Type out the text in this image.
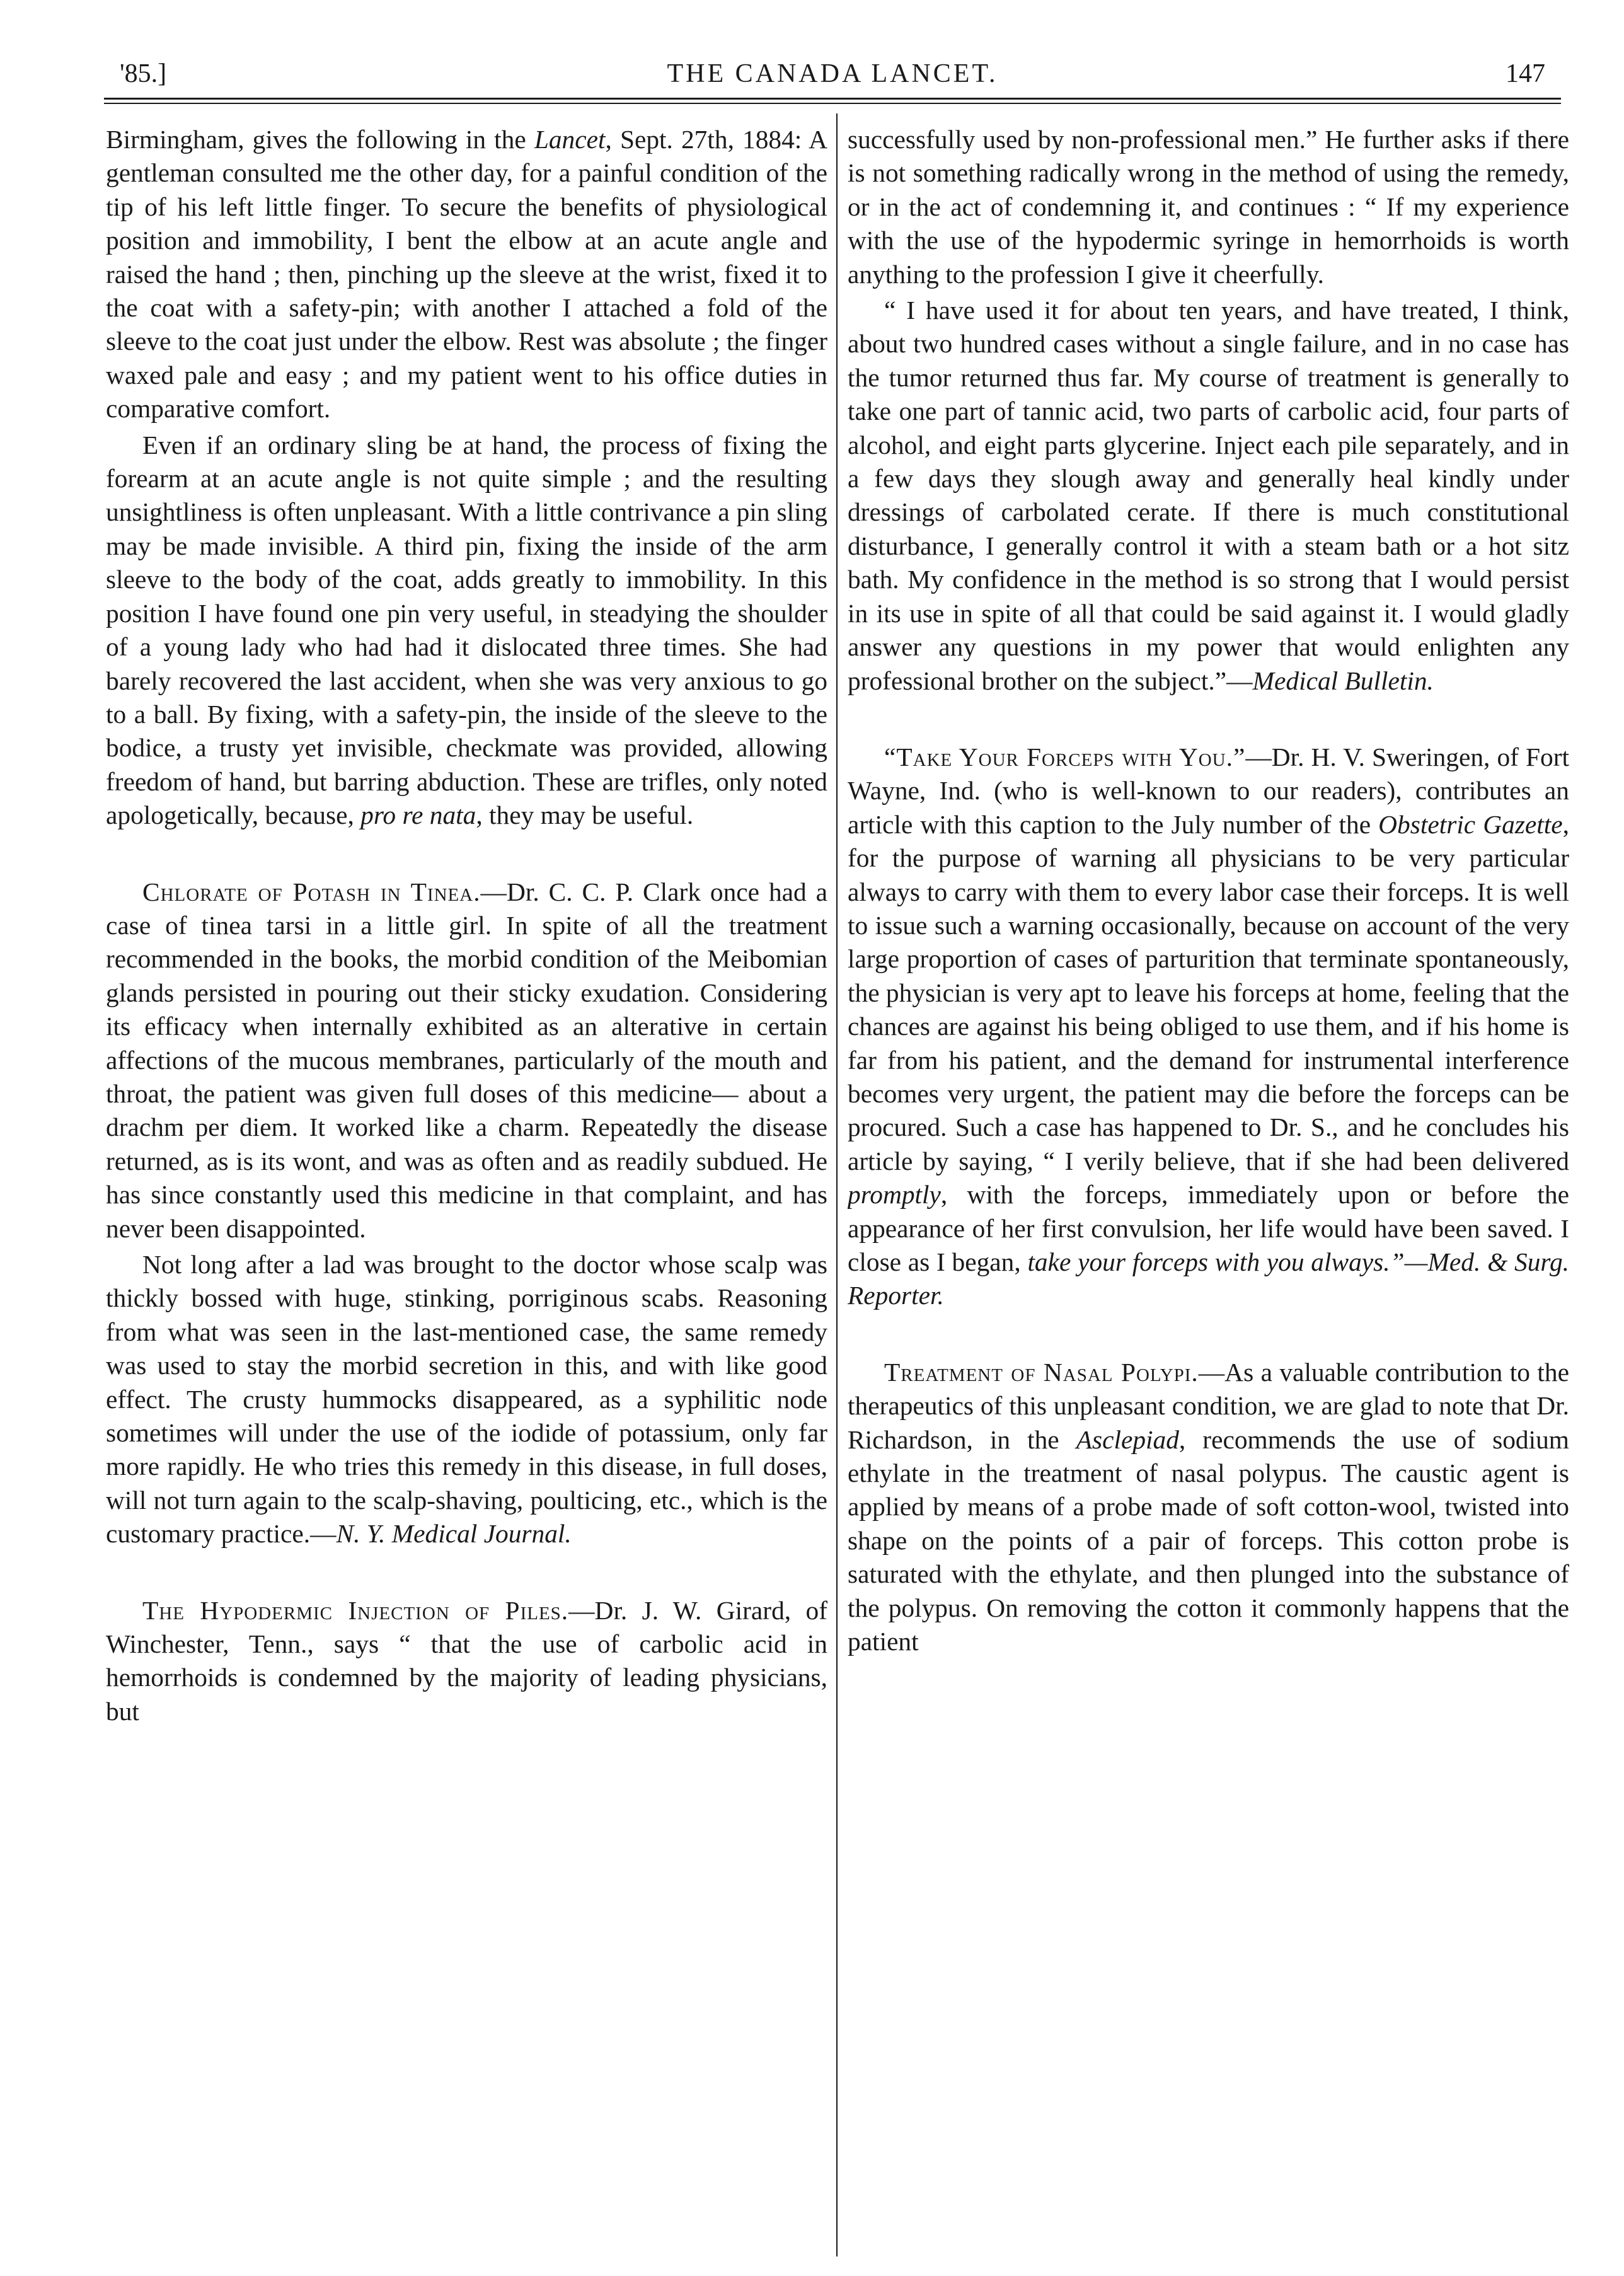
'85.]	THE CANADA LANCET.	147

Birmingham, gives the following in the Lancet, Sept. 27th, 1884: A gentleman consulted me the other day, for a painful condition of the tip of his left little finger. To secure the benefits of physiological position and immobility, I bent the elbow at an acute angle and raised the hand ; then, pinching up the sleeve at the wrist, fixed it to the coat with a safety-pin; with another I attached a fold of the sleeve to the coat just under the elbow. Rest was absolute ; the finger waxed pale and easy ; and my patient went to his office duties in comparative comfort.

Even if an ordinary sling be at hand, the process of fixing the forearm at an acute angle is not quite simple ; and the resulting unsightliness is often unpleasant. With a little contrivance a pin sling may be made invisible. A third pin, fixing the inside of the arm sleeve to the body of the coat, adds greatly to immobility. In this position I have found one pin very useful, in steadying the shoulder of a young lady who had had it dislocated three times. She had barely recovered the last accident, when she was very anxious to go to a ball. By fixing, with a safety-pin, the inside of the sleeve to the bodice, a trusty yet invisible, checkmate was provided, allowing freedom of hand, but barring abduction. These are trifles, only noted apologetically, because, pro re nata, they may be useful.

Chlorate of Potash in Tinea.—Dr. C. C. P. Clark once had a case of tinea tarsi in a little girl. In spite of all the treatment recommended in the books, the morbid condition of the Meibomian glands persisted in pouring out their sticky exudation. Considering its efficacy when internally exhibited as an alterative in certain affections of the mucous membranes, particularly of the mouth and throat, the patient was given full doses of this medicine— about a drachm per diem. It worked like a charm. Repeatedly the disease returned, as is its wont, and was as often and as readily subdued. He has since constantly used this medicine in that complaint, and has never been disappointed.

Not long after a lad was brought to the doctor whose scalp was thickly bossed with huge, stinking, porriginous scabs. Reasoning from what was seen in the last-mentioned case, the same remedy was used to stay the morbid secretion in this, and with like good effect. The crusty hummocks disappeared, as a syphilitic node sometimes will under the use of the iodide of potassium, only far more rapidly. He who tries this remedy in this disease, in full doses, will not turn again to the scalp-shaving, poulticing, etc., which is the customary practice.—N. Y. Medical Journal.

The Hypodermic Injection of Piles.—Dr. J. W. Girard, of Winchester, Tenn., says “ that the use of carbolic acid in hemorrhoids is condemned by the majority of leading physicians, but

successfully used by non-professional men.” He further asks if there is not something radically wrong in the method of using the remedy, or in the act of condemning it, and continues : “ If my experience with the use of the hypodermic syringe in hemorrhoids is worth anything to the profession I give it cheerfully.

“ I have used it for about ten years, and have treated, I think, about two hundred cases without a single failure, and in no case has the tumor returned thus far. My course of treatment is generally to take one part of tannic acid, two parts of carbolic acid, four parts of alcohol, and eight parts glycerine. Inject each pile separately, and in a few days they slough away and generally heal kindly under dressings of carbolated cerate. If there is much constitutional disturbance, I generally control it with a steam bath or a hot sitz bath. My confidence in the method is so strong that I would persist in its use in spite of all that could be said against it. I would gladly answer any questions in my power that would enlighten any professional brother on the subject.”—Medical Bulletin.

“Take Your Forceps with You.”—Dr. H. V. Sweringen, of Fort Wayne, Ind. (who is well-known to our readers), contributes an article with this caption to the July number of the Obstetric Gazette, for the purpose of warning all physicians to be very particular always to carry with them to every labor case their forceps. It is well to issue such a warning occasionally, because on account of the very large proportion of cases of parturition that terminate spontaneously, the physician is very apt to leave his forceps at home, feeling that the chances are against his being obliged to use them, and if his home is far from his patient, and the demand for instrumental interference becomes very urgent, the patient may die before the forceps can be procured. Such a case has happened to Dr. S., and he concludes his article by saying, “ I verily believe, that if she had been delivered promptly, with the forceps, immediately upon or before the appearance of her first convulsion, her life would have been saved. I close as I began, take your forceps with you always.”—Med. & Surg. Reporter.

Treatment of Nasal Polypi.—As a valuable contribution to the therapeutics of this unpleasant condition, we are glad to note that Dr. Richardson, in the Asclepiad, recommends the use of sodium ethylate in the treatment of nasal polypus. The caustic agent is applied by means of a probe made of soft cotton-wool, twisted into shape on the points of a pair of forceps. This cotton probe is saturated with the ethylate, and then plunged into the substance of the polypus. On removing the cotton it commonly happens that the patient
